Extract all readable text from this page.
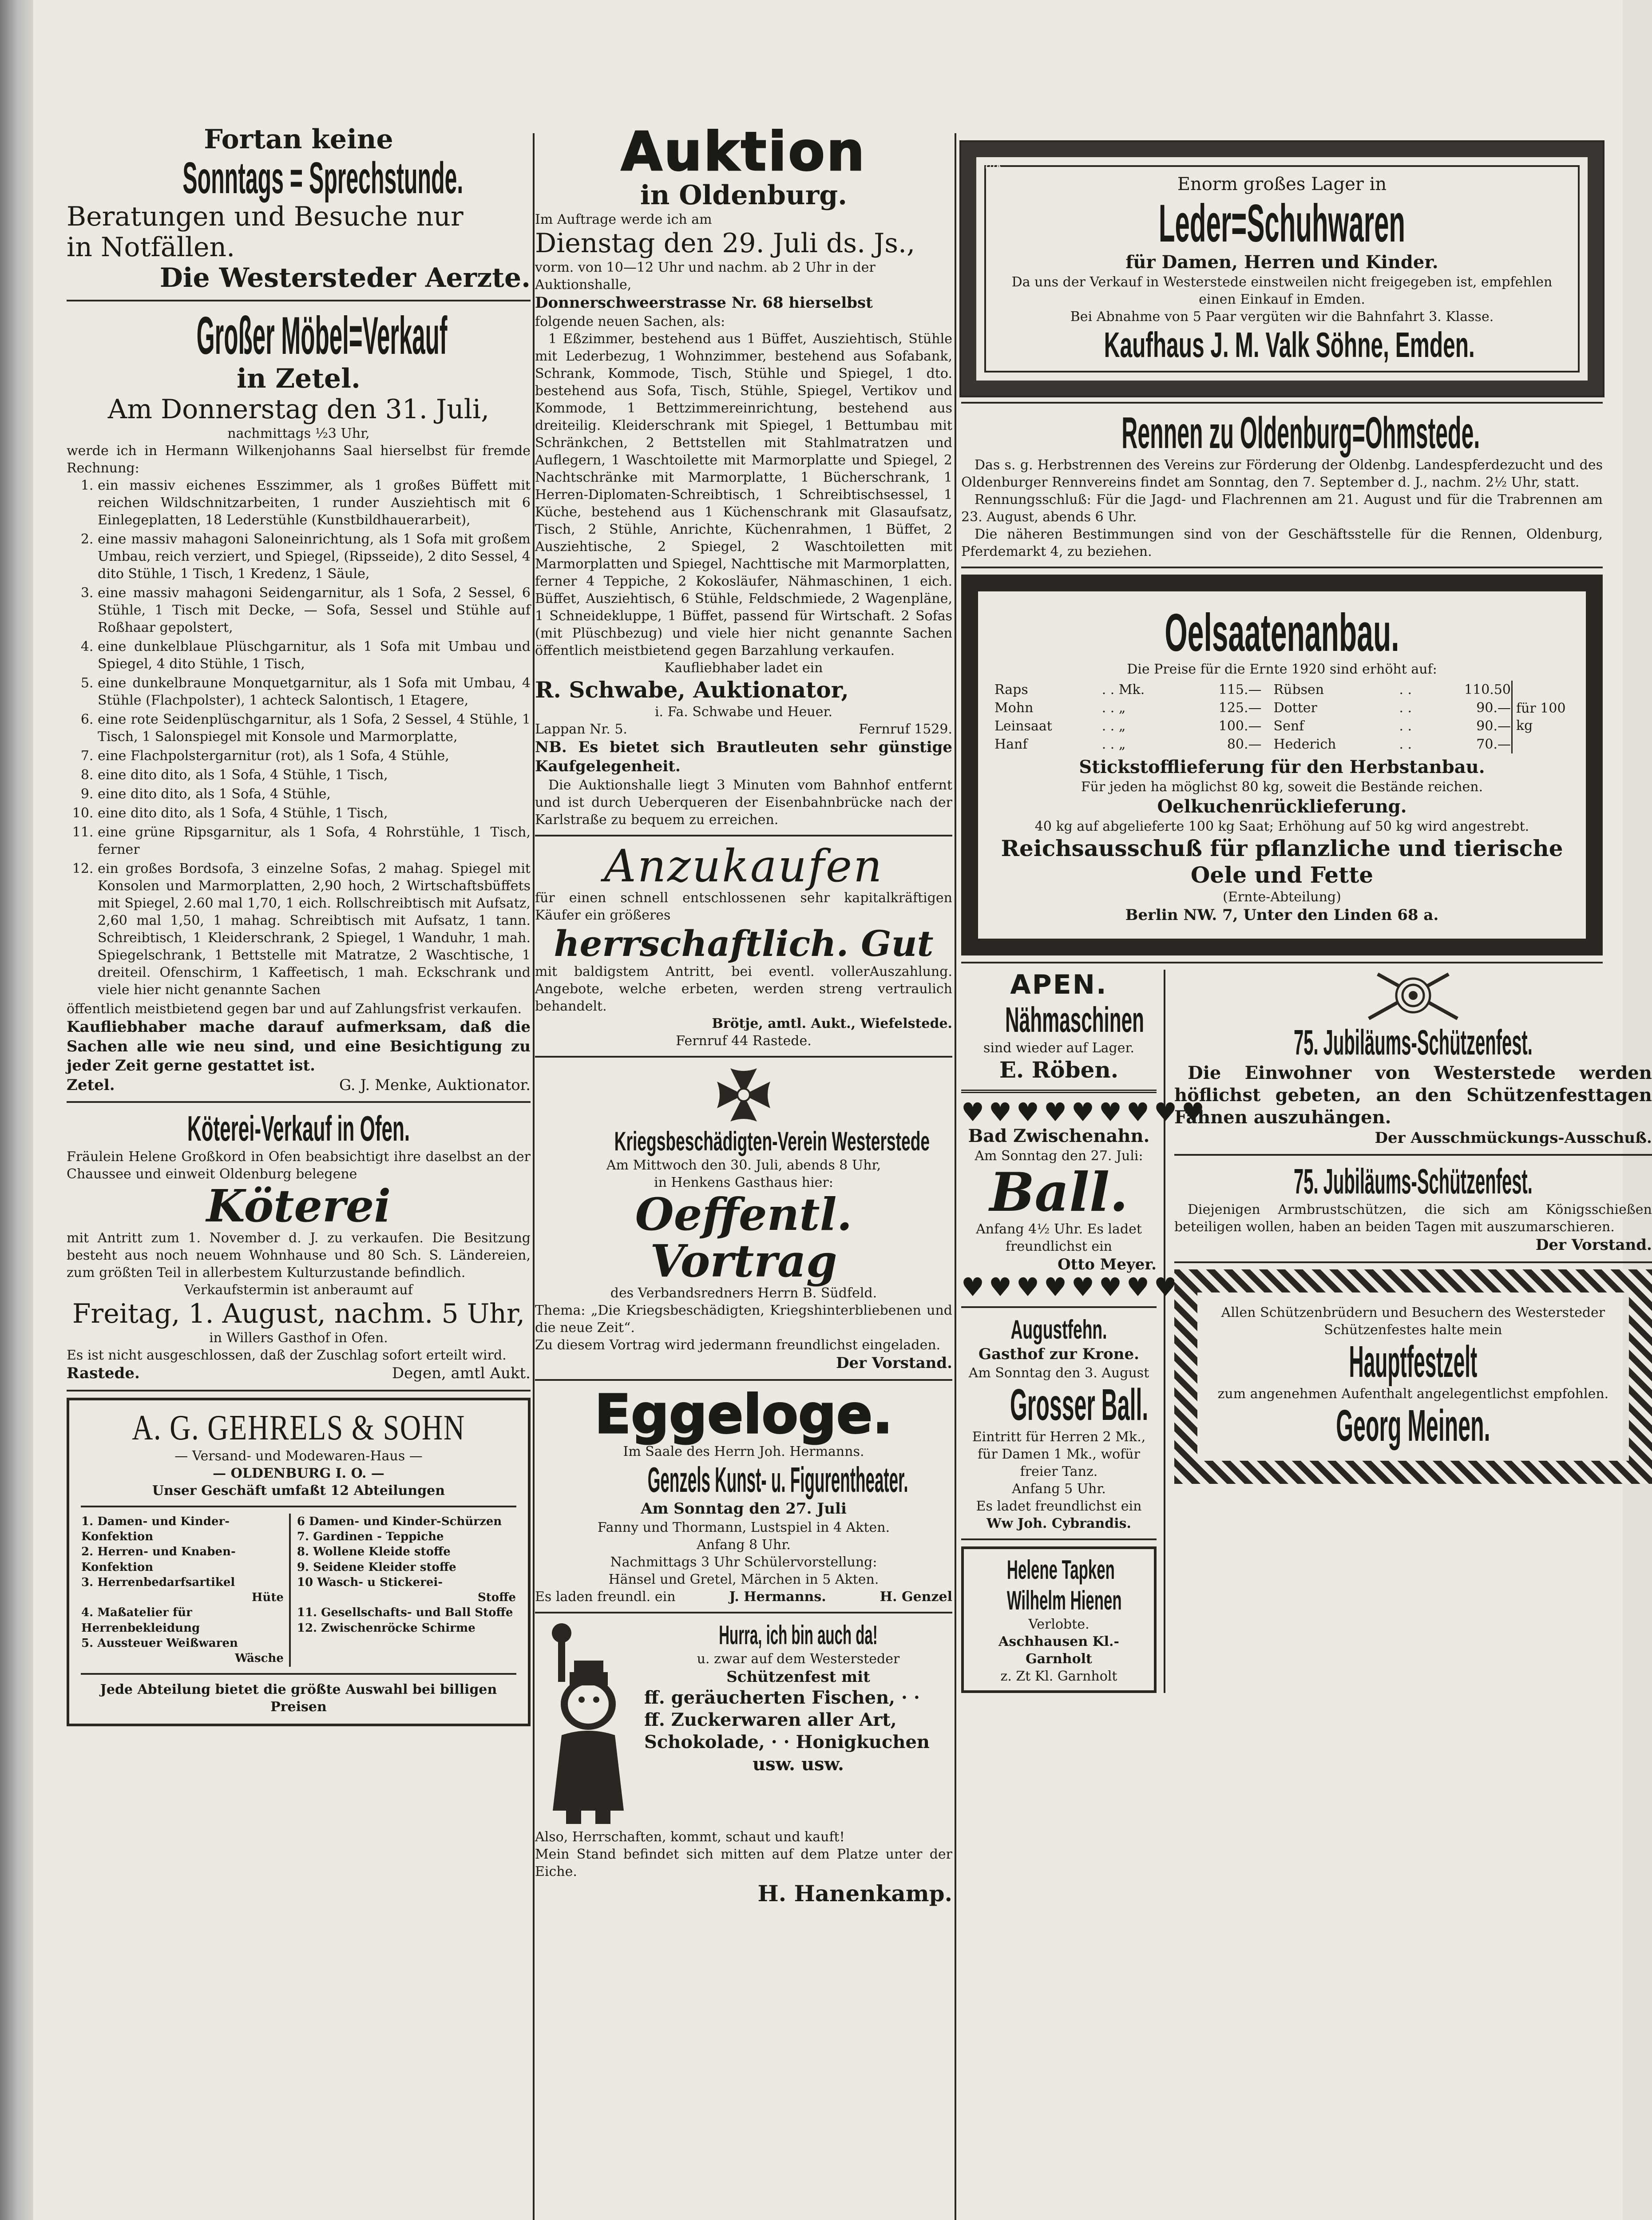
Fortan keine
Sonntags = Sprechstunde.
Beratungen und Besuche nur
in Notfällen.
Die Westersteder Aerzte.
Großer Möbel=Verkauf
in Zetel.
Am Donnerstag den 31. Juli,
nachmittags ½3 Uhr,
werde ich in Hermann Wilkenjohanns Saal hierselbst für fremde Rechnung:
1. ein massiv eichenes Esszimmer, als 1 großes Büffett mit reichen Wildschnitzarbeiten, 1 runder Ausziehtisch mit 6 Einlegeplatten, 18 Lederstühle (Kunstbildhauerarbeit),
2. eine massiv mahagoni Saloneinrichtung, als 1 Sofa mit großem Umbau, reich verziert, und Spiegel, (Ripsseide), 2 dito Sessel, 4 dito Stühle, 1 Tisch, 1 Kredenz, 1 Säule,
3. eine massiv mahagoni Seidengarnitur, als 1 Sofa, 2 Sessel, 6 Stühle, 1 Tisch mit Decke, — Sofa, Sessel und Stühle auf Roßhaar gepolstert,
4. eine dunkelblaue Plüschgarnitur, als 1 Sofa mit Umbau und Spiegel, 4 dito Stühle, 1 Tisch,
5. eine dunkelbraune Monquetgarnitur, als 1 Sofa mit Umbau, 4 Stühle (Flachpolster), 1 achteck Salontisch, 1 Etagere,
6. eine rote Seidenplüschgarnitur, als 1 Sofa, 2 Sessel, 4 Stühle, 1 Tisch, 1 Salonspiegel mit Konsole und Marmorplatte,
7. eine Flachpolstergarnitur (rot), als 1 Sofa, 4 Stühle,
8. eine dito dito, als 1 Sofa, 4 Stühle, 1 Tisch,
9. eine dito dito, als 1 Sofa, 4 Stühle,
10. eine dito dito, als 1 Sofa, 4 Stühle, 1 Tisch,
11. eine grüne Ripsgarnitur, als 1 Sofa, 4 Rohrstühle, 1 Tisch, ferner
12. ein großes Bordsofa, 3 einzelne Sofas, 2 mahag. Spiegel mit Konsolen und Marmorplatten, 2,90 hoch, 2 Wirtschaftsbüffets mit Spiegel, 2.60 mal 1,70, 1 eich. Rollschreibtisch mit Aufsatz, 2,60 mal 1,50, 1 mahag. Schreibtisch mit Aufsatz, 1 tann. Schreibtisch, 1 Kleiderschrank, 2 Spiegel, 1 Wanduhr, 1 mah. Spiegelschrank, 1 Bettstelle mit Matratze, 2 Waschtische, 1 dreiteil. Ofenschirm, 1 Kaffeetisch, 1 mah. Eckschrank und viele hier nicht genannte Sachen
öffentlich meistbietend gegen bar und auf Zahlungsfrist verkaufen.
Kaufliebhaber mache darauf aufmerksam, daß die Sachen alle wie neu sind, und eine Besichtigung zu jeder Zeit gerne gestattet ist.
Zetel.	G. J. Menke, Auktionator.
Köterei-Verkauf in Ofen.
Fräulein Helene Großkord in Ofen beabsichtigt ihre daselbst an der Chaussee und einweit Oldenburg belegene
Köterei
mit Antritt zum 1. November d. J. zu verkaufen. Die Besitzung besteht aus noch neuem Wohnhause und 80 Sch. S. Ländereien, zum größten Teil in allerbestem Kulturzustande befindlich.
Verkaufstermin ist anberaumt auf
Freitag, 1. August, nachm. 5 Uhr,
in Willers Gasthof in Ofen.
Es ist nicht ausgeschlossen, daß der Zuschlag sofort erteilt wird.
Rastede.	Degen, amtl Aukt.
A. G. GEHRELS & SOHN
— Versand- und Modewaren-Haus —
— OLDENBURG I. O. —
Unser Geschäft umfaßt 12 Abteilungen
1. Damen- und Kinder-Konfektion
2. Herren- und Knaben-Konfektion
3. Herrenbedarfsartikel
Hüte
4. Maßatelier für Herrenbekleidung
5. Aussteuer Weißwaren
Wäsche

6 Damen- und Kinder-Schürzen
7. Gardinen - Teppiche
8. Wollene Kleide stoffe
9. Seidene Kleider stoffe
10 Wasch- u Stickerei-
Stoffe
11. Gesellschafts- und Ball Stoffe
12. Zwischenröcke Schirme
Jede Abteilung bietet die größte Auswahl bei billigen Preisen
Auktion
in Oldenburg.
Im Auftrage werde ich am
Dienstag den 29. Juli ds. Js.,
vorm. von 10—12 Uhr und nachm. ab 2 Uhr in der Auktionshalle,
Donnerschweerstrasse Nr. 68 hierselbst
folgende neuen Sachen, als:
1 Eßzimmer, bestehend aus 1 Büffet, Ausziehtisch, Stühle mit Lederbezug, 1 Wohnzimmer, bestehend aus Sofabank, Schrank, Kommode, Tisch, Stühle und Spiegel, 1 dto. bestehend aus Sofa, Tisch, Stühle, Spiegel, Vertikov und Kommode, 1 Bettzimmereinrichtung, bestehend aus dreiteilig. Kleiderschrank mit Spiegel, 1 Bettumbau mit Schränkchen, 2 Bettstellen mit Stahlmatratzen und Auflegern, 1 Waschtoilette mit Marmorplatte und Spiegel, 2 Nachtschränke mit Marmorplatte, 1 Bücherschrank, 1 Herren-Diplomaten-Schreibtisch, 1 Schreibtischsessel, 1 Küche, bestehend aus 1 Küchenschrank mit Glasaufsatz, Tisch, 2 Stühle, Anrichte, Küchenrahmen, 1 Büffet, 2 Ausziehtische, 2 Spiegel, 2 Waschtoiletten mit Marmorplatten und Spiegel, Nachttische mit Marmorplatten,
ferner 4 Teppiche, 2 Kokosläufer, Nähmaschinen, 1 eich. Büffet, Ausziehtisch, 6 Stühle, Feldschmiede, 2 Wagenpläne, 1 Schneidekluppe, 1 Büffet, passend für Wirtschaft. 2 Sofas (mit Plüschbezug) und viele hier nicht genannte Sachen öffentlich meistbietend gegen Barzahlung verkaufen.
Kaufliebhaber ladet ein
R. Schwabe, Auktionator,
i. Fa. Schwabe und Heuer.
Lappan Nr. 5.	Fernruf 1529.
NB. Es bietet sich Brautleuten sehr günstige Kaufgelegenheit.
Die Auktionshalle liegt 3 Minuten vom Bahnhof entfernt und ist durch Ueberqueren der Eisenbahnbrücke nach der Karlstraße zu bequem zu erreichen.
Anzukaufen
für einen schnell entschlossenen sehr kapitalkräftigen Käufer ein größeres
herrschaftlich. Gut
mit baldigstem Antritt, bei eventl. vollerAuszahlung. Angebote, welche erbeten, werden streng vertraulich behandelt.
Brötje, amtl. Aukt., Wiefelstede.
Fernruf 44 Rastede.
Kriegsbeschädigten-Verein Westerstede
Am Mittwoch den 30. Juli, abends 8 Uhr,
in Henkens Gasthaus hier:
Oeffentl. Vortrag
des Verbandsredners Herrn B. Südfeld.
Thema: „Die Kriegsbeschädigten, Kriegshinterbliebenen und die neue Zeit“.
Zu diesem Vortrag wird jedermann freundlichst eingeladen.
Der Vorstand.
Eggeloge.
Im Saale des Herrn Joh. Hermanns.
Genzels Kunst- u. Figurentheater.
Am Sonntag den 27. Juli
Fanny und Thormann, Lustspiel in 4 Akten.
Anfang 8 Uhr.
Nachmittags 3 Uhr Schülervorstellung:
Hänsel und Gretel, Märchen in 5 Akten.
Es laden freundl. ein	J. Hermanns.	H. Genzel
Hurra, ich bin auch da!
u. zwar auf dem Westersteder
Schützenfest mit
ff. geräucherten Fischen, · ·
ff. Zuckerwaren aller Art,
Schokolade, · · Honigkuchen
usw. usw.
Also, Herrschaften, kommt, schaut und kauft!
Mein Stand befindet sich mitten auf dem Platze unter der Eiche.
H. Hanenkamp.
Enorm großes Lager in
Leder=Schuhwaren
für Damen, Herren und Kinder.
Da uns der Verkauf in Westerstede einstweilen nicht freigegeben ist, empfehlen einen Einkauf in Emden.
Bei Abnahme von 5 Paar vergüten wir die Bahnfahrt 3. Klasse.
Kaufhaus J. M. Valk Söhne, Emden.
Valk
Rennen zu Oldenburg=Ohmstede.
Das s. g. Herbstrennen des Vereins zur Förderung der Oldenbg. Landespferdezucht und des Oldenburger Rennvereins findet am Sonntag, den 7. September d. J., nachm. 2½ Uhr, statt.
Rennungsschluß: Für die Jagd- und Flachrennen am 21. August und für die Trabrennen am 23. August, abends 6 Uhr.
Die näheren Bestimmungen sind von der Geschäftsstelle für die Rennen, Oldenburg, Pferdemarkt 4, zu beziehen.
Oelsaatenanbau.
Die Preise für die Ernte 1920 sind erhöht auf:
Raps	. . Mk.	115.—	Rübsen	. .	110.50	für 100 kg
Mohn	. . „	125.—	Dotter	. .	90.—	
Leinsaat	. . „	100.—	Senf	. .	90.—	
Hanf	. . „	80.—	Hederich	. .	70.—	
Stickstofflieferung für den Herbstanbau.
Für jeden ha möglichst 80 kg, soweit die Bestände reichen.
Oelkuchenrücklieferung.
40 kg auf abgelieferte 100 kg Saat; Erhöhung auf 50 kg wird angestrebt.
Reichsausschuß für pflanzliche und tierische Oele und Fette
(Ernte-Abteilung)
Berlin NW. 7, Unter den Linden 68 a.
APEN.
Nähmaschinen
sind wieder auf Lager.
E. Röben.
♥♥♥♥♥♥♥♥♥
Bad Zwischenahn.
Am Sonntag den 27. Juli:
Ball.
Anfang 4½ Uhr. Es ladet freundlichst ein
Otto Meyer.
♥♥♥♥♥♥♥♥♥
Augustfehn.
Gasthof zur Krone.
Am Sonntag den 3. August
Grosser Ball.
Eintritt für Herren 2 Mk., für Damen 1 Mk., wofür freier Tanz.
Anfang 5 Uhr.
Es ladet freundlichst ein
Ww Joh. Cybrandis.
Helene Tapken
Wilhelm Hienen
Verlobte.
Aschhausen Kl.-Garnholt
z. Zt Kl. Garnholt
75. Jubiläums-Schützenfest.
Die Einwohner von Westerstede werden höflichst gebeten, an den Schützenfesttagen Fahnen auszuhängen.
Der Ausschmückungs-Ausschuß.
75. Jubiläums-Schützenfest.
Diejenigen Armbrustschützen, die sich am Königsschießen beteiligen wollen, haben an beiden Tagen mit auszumarschieren.
Der Vorstand.
Allen Schützenbrüdern und Besuchern des Westersteder Schützenfestes halte mein
Hauptfestzelt
zum angenehmen Aufenthalt angelegentlichst empfohlen.
Georg Meinen.
